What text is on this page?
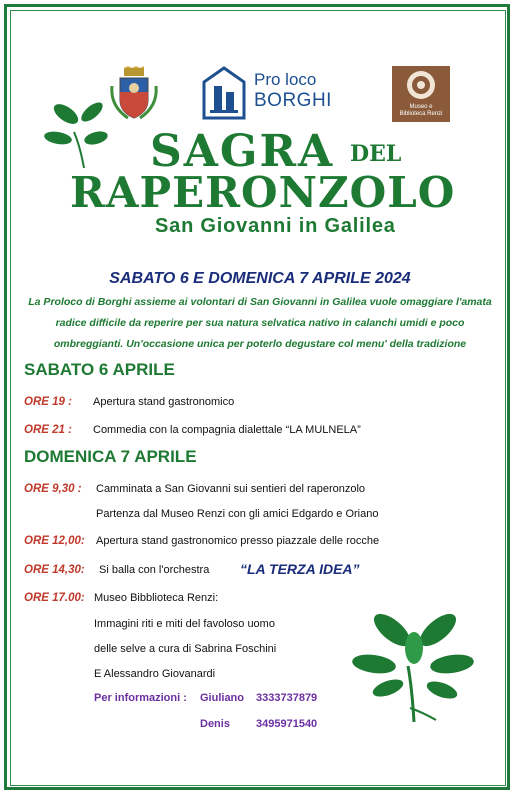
Pro loco
BORGHI	Museo e
Biblioteca Renzi
SAGRA DEL
RAPERONZOLO
San Giovanni in Galilea
SABATO 6 E DOMENICA 7 APRILE 2024
La Proloco di Borghi assieme ai volontari di San Giovanni in Galilea vuole omaggiare l'amata
radice difficile da reperire per sua natura selvatica nativo in calanchi umidi e poco
ombreggianti. Un'occasione unica per poterlo degustare col menu' della tradizione
SABATO 6 APRILE
ORE 19 : Apertura stand gastronomico
ORE 21 : Commedia con la compagnia dialettale “LA MULNELA”
DOMENICA 7 APRILE
ORE 9,30 : Camminata a San Giovanni sui sentieri del raperonzolo
Partenza dal Museo Renzi con gli amici Edgardo e Oriano
ORE 12,00: Apertura stand gastronomico presso piazzale delle rocche
ORE 14,30: Si balla con l'orchestra “LA TERZA IDEA”
ORE 17.00: Museo Bibblioteca Renzi:
Immagini riti e miti del favoloso uomo
delle selve a cura di Sabrina Foschini
E Alessandro Giovanardi
Per informazioni : Giuliano 3333737879
Denis 3495971540
